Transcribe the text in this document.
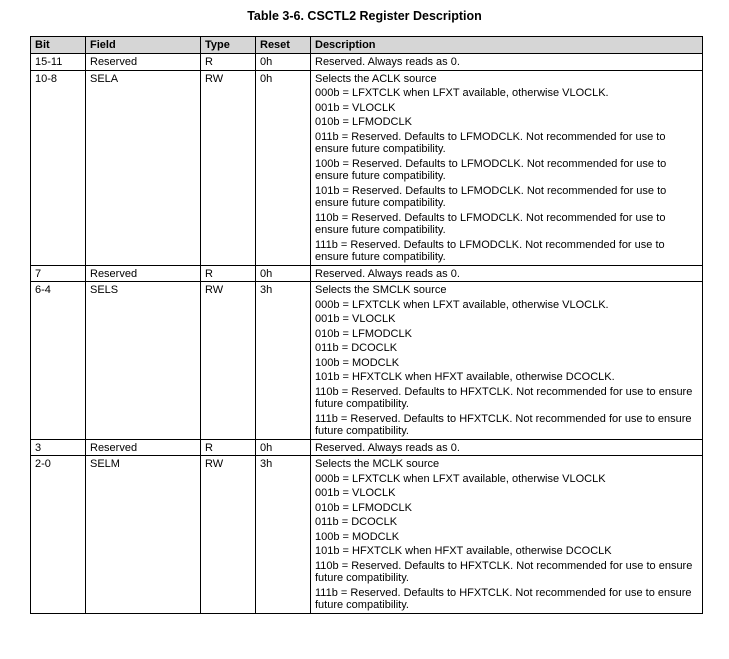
Table 3-6. CSCTL2 Register Description
Bit	Field	Type	Reset	Description
15-11	Reserved	R	0h	Reserved. Always reads as 0.

10-8	SELA	RW	0h	Selects the ACLK source

000b = LFXTCLK when LFXT available, otherwise VLOCLK.

001b = VLOCLK

010b = LFMODCLK

011b = Reserved. Defaults to LFMODCLK. Not recommended for use to ensure future compatibility.

100b = Reserved. Defaults to LFMODCLK. Not recommended for use to ensure future compatibility.

101b = Reserved. Defaults to LFMODCLK. Not recommended for use to ensure future compatibility.

110b = Reserved. Defaults to LFMODCLK. Not recommended for use to ensure future compatibility.

111b = Reserved. Defaults to LFMODCLK. Not recommended for use to ensure future compatibility.

7	Reserved	R	0h	Reserved. Always reads as 0.

6-4	SELS	RW	3h	Selects the SMCLK source

000b = LFXTCLK when LFXT available, otherwise VLOCLK.

001b = VLOCLK

010b = LFMODCLK

011b = DCOCLK

100b = MODCLK

101b = HFXTCLK when HFXT available, otherwise DCOCLK.

110b = Reserved. Defaults to HFXTCLK. Not recommended for use to ensure future compatibility.

111b = Reserved. Defaults to HFXTCLK. Not recommended for use to ensure future compatibility.

3	Reserved	R	0h	Reserved. Always reads as 0.

2-0	SELM	RW	3h	Selects the MCLK source

000b = LFXTCLK when LFXT available, otherwise VLOCLK

001b = VLOCLK

010b = LFMODCLK

011b = DCOCLK

100b = MODCLK

101b = HFXTCLK when HFXT available, otherwise DCOCLK

110b = Reserved. Defaults to HFXTCLK. Not recommended for use to ensure future compatibility.

111b = Reserved. Defaults to HFXTCLK. Not recommended for use to ensure future compatibility.
